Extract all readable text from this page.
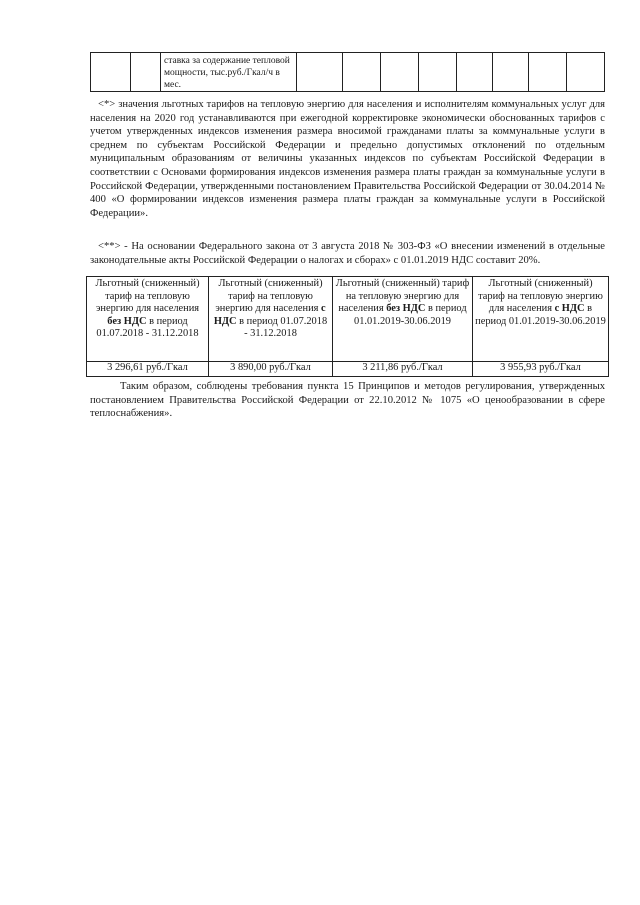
		ставка за содержание тепловой мощности, тыс.руб./Гкал/ч в мес.								

<*> значения льготных тарифов на тепловую энергию для населения и исполнителям коммунальных услуг для населения на 2020 год устанавливаются при ежегодной корректировке экономически обоснованных тарифов с учетом утвержденных индексов изменения размера вносимой гражданами платы за коммунальные услуги в среднем по субъектам Российской Федерации и предельно допустимых отклонений по отдельным муниципальным образованиям от величины указанных индексов по субъектам Российской Федерации в соответствии с Основами формирования индексов изменения размера платы граждан за коммунальные услуги в Российской Федерации, утвержденными постановлением Правительства Российской Федерации от 30.04.2014 № 400 «О формировании индексов изменения размера платы граждан за коммунальные услуги в Российской Федерации».

<**> - На основании Федерального закона от 3 августа 2018 № 303-ФЗ «О внесении изменений в отдельные законодательные акты Российской Федерации о налогах и сборах» с 01.01.2019 НДС составит 20%.

Льготный (сниженный) тариф на тепловую энергию для населения без НДС в период 01.07.2018 - 31.12.2018	Льготный (сниженный) тариф на тепловую энергию для населения с НДС в период 01.07.2018 - 31.12.2018	Льготный (сниженный) тариф на тепловую энергию для населения без НДС в период 01.01.2019-30.06.2019	Льготный (сниженный) тариф на тепловую энергию для населения с НДС в период 01.01.2019-30.06.2019
3 296,61 руб./Гкал	3 890,00 руб./Гкал	3 211,86 руб./Гкал	3 955,93 руб./Гкал

Таким образом, соблюдены требования пункта 15 Принципов и методов регулирования, утвержденных постановлением Правительства Российской Федерации от 22.10.2012 № 1075 «О ценообразовании в сфере теплоснабжения».
